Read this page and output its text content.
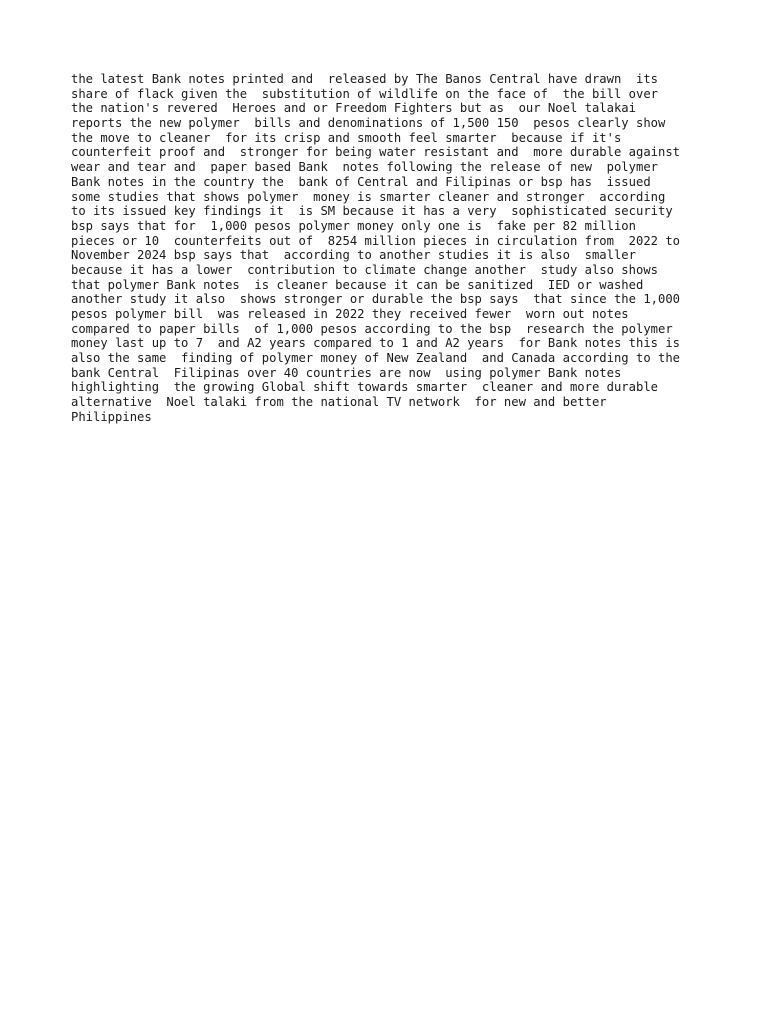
the latest Bank notes printed and  released by The Banos Central have drawn  its
share of flack given the  substitution of wildlife on the face of  the bill over
the nation's revered  Heroes and or Freedom Fighters but as  our Noel talakai
reports the new polymer  bills and denominations of 1,500 150  pesos clearly show
the move to cleaner  for its crisp and smooth feel smarter  because if it's
counterfeit proof and  stronger for being water resistant and  more durable against
wear and tear and  paper based Bank  notes following the release of new  polymer
Bank notes in the country the  bank of Central and Filipinas or bsp has  issued
some studies that shows polymer  money is smarter cleaner and stronger  according
to its issued key findings it  is SM because it has a very  sophisticated security
bsp says that for  1,000 pesos polymer money only one is  fake per 82 million
pieces or 10  counterfeits out of  8254 million pieces in circulation from  2022 to
November 2024 bsp says that  according to another studies it is also  smaller
because it has a lower  contribution to climate change another  study also shows
that polymer Bank notes  is cleaner because it can be sanitized  IED or washed
another study it also  shows stronger or durable the bsp says  that since the 1,000
pesos polymer bill  was released in 2022 they received fewer  worn out notes
compared to paper bills  of 1,000 pesos according to the bsp  research the polymer
money last up to 7  and A2 years compared to 1 and A2 years  for Bank notes this is
also the same  finding of polymer money of New Zealand  and Canada according to the
bank Central  Filipinas over 40 countries are now  using polymer Bank notes
highlighting  the growing Global shift towards smarter  cleaner and more durable
alternative  Noel talaki from the national TV network  for new and better
Philippines
